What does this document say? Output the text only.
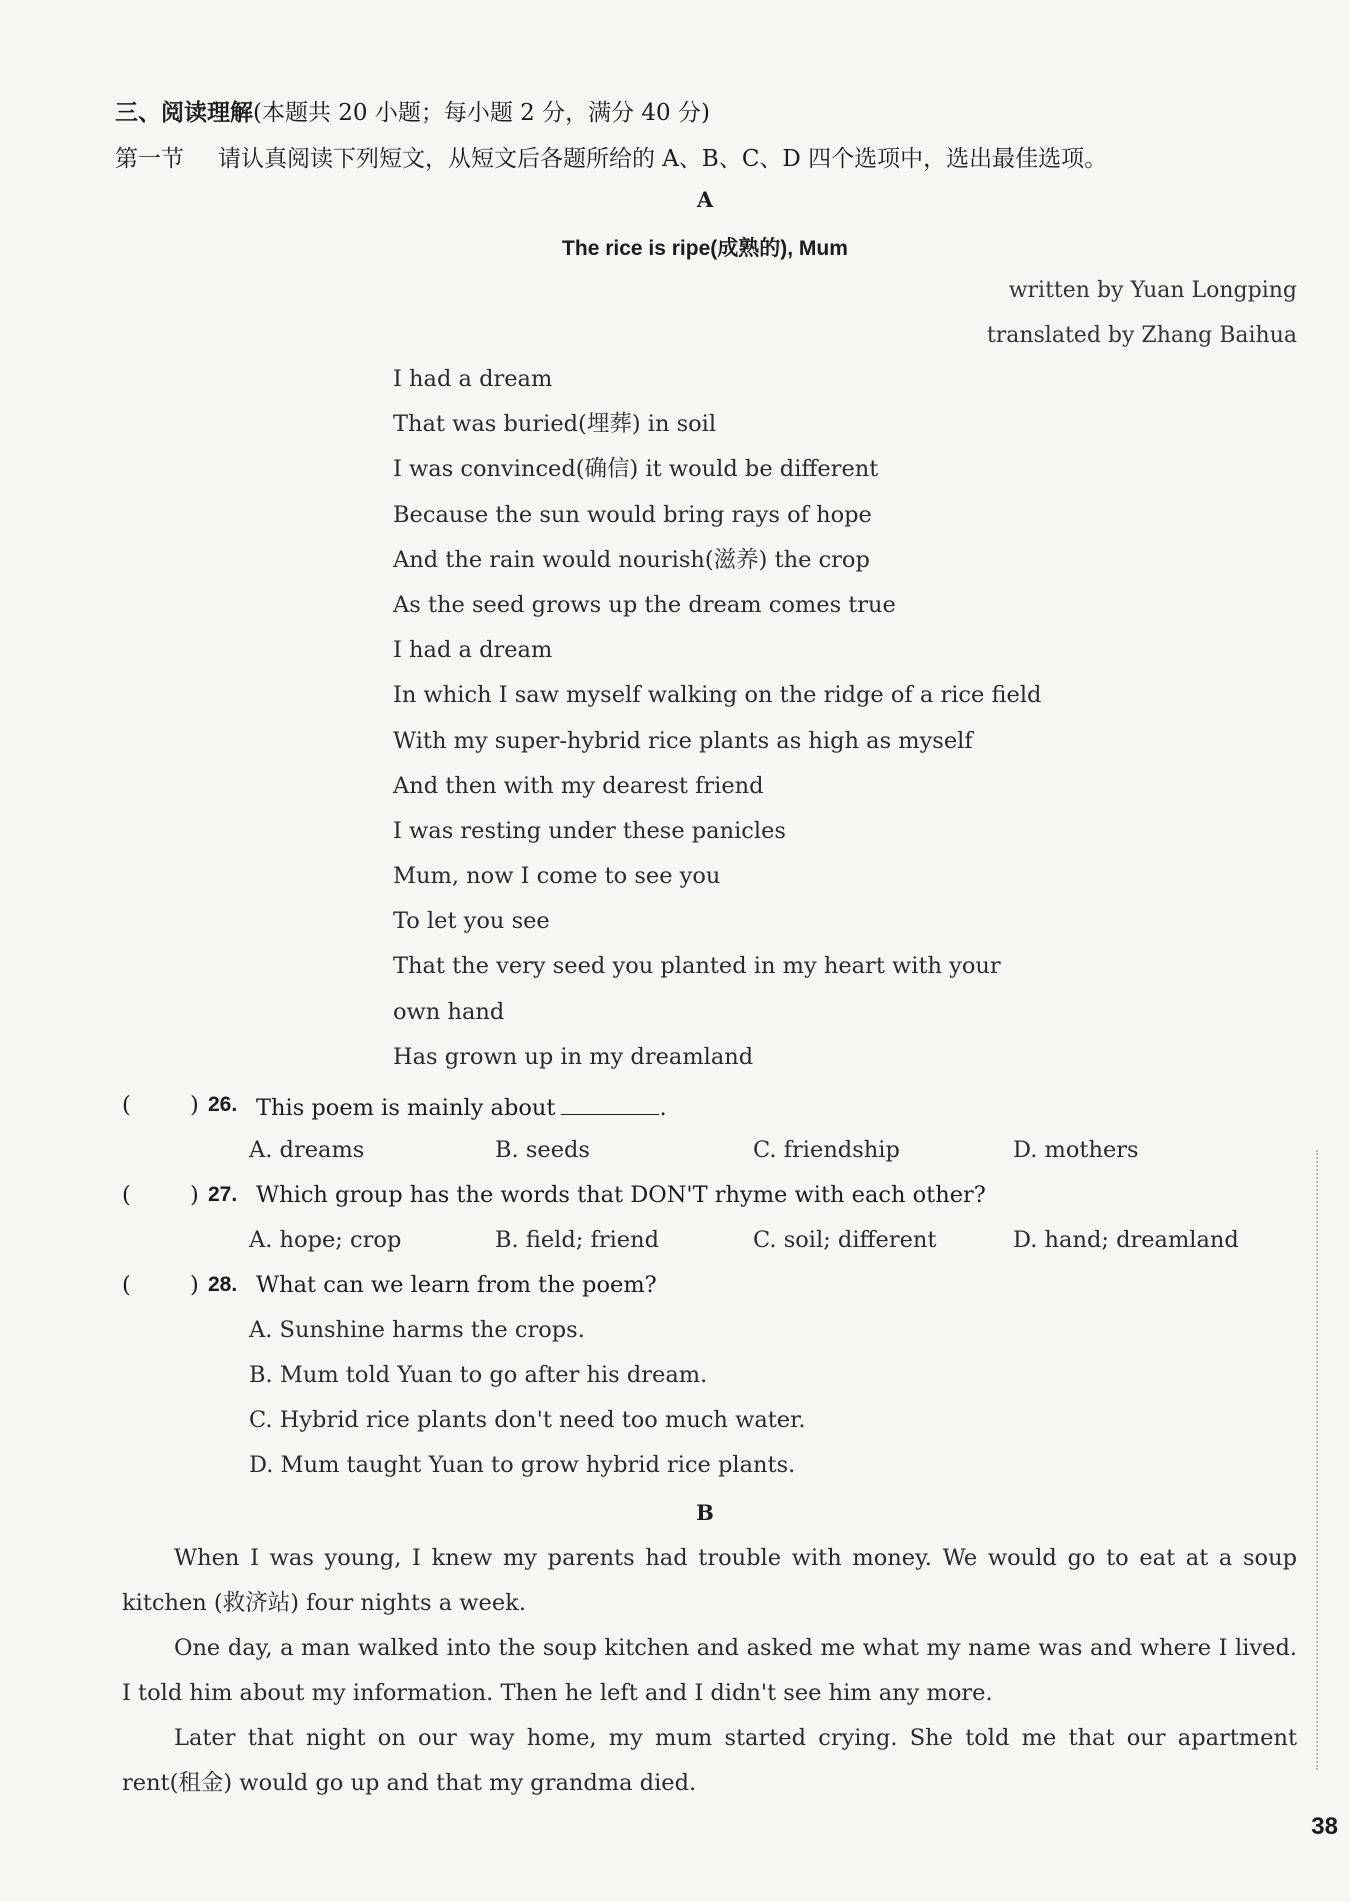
三、阅读理解(本题共 20 小题；每小题 2 分，满分 40 分)
第一节 请认真阅读下列短文，从短文后各题所给的 A、B、C、D 四个选项中，选出最佳选项。
A
The rice is ripe(成熟的), Mum
written by Yuan Longping
translated by Zhang Baihua
I had a dream
That was buried(埋葬) in soil
I was convinced(确信) it would be different
Because the sun would bring rays of hope
And the rain would nourish(滋养) the crop
As the seed grows up the dream comes true
I had a dream
In which I saw myself walking on the ridge of a rice field
With my super-hybrid rice plants as high as myself
And then with my dearest friend
I was resting under these panicles
Mum, now I come to see you
To let you see
That the very seed you planted in my heart with your
own hand
Has grown up in my dreamland
(	) 26. This poem is mainly about	.
A. dreams	B. seeds	C. friendship	D. mothers
(	) 27. Which group has the words that DON'T rhyme with each other?
A. hope; crop	B. field; friend	C. soil; different	D. hand; dreamland
(	) 28. What can we learn from the poem?
A. Sunshine harms the crops.
B. Mum told Yuan to go after his dream.
C. Hybrid rice plants don't need too much water.
D. Mum taught Yuan to grow hybrid rice plants.
B
When I was young, I knew my parents had trouble with money. We would go to eat at a soup kitchen (救济站) four nights a week.
One day, a man walked into the soup kitchen and asked me what my name was and where I lived. I told him about my information. Then he left and I didn't see him any more.
Later that night on our way home, my mum started crying. She told me that our apartment rent(租金) would go up and that my grandma died.
38
